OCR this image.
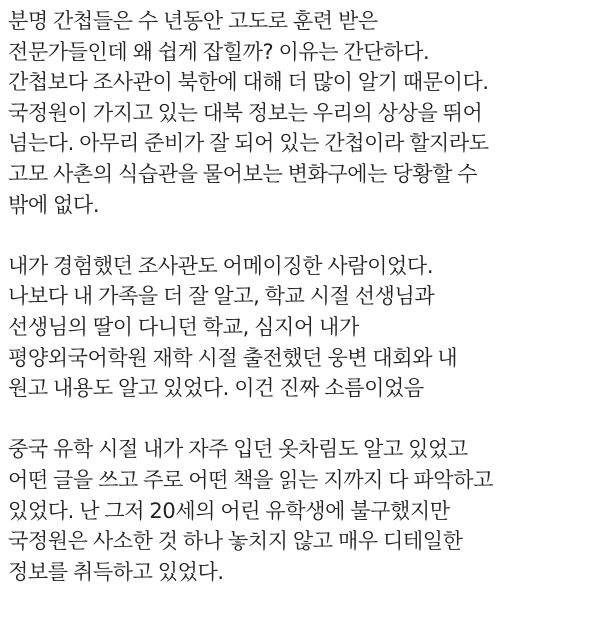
분명 간첩들은 수 년동안 고도로 훈련 받은
전문가들인데 왜 쉽게 잡힐까? 이유는 간단하다.
간첩보다 조사관이 북한에 대해 더 많이 알기 때문이다.
국정원이 가지고 있는 대북 정보는 우리의 상상을 뛰어
넘는다. 아무리 준비가 잘 되어 있는 간첩이라 할지라도
고모 사촌의 식습관을 물어보는 변화구에는 당황할 수
밖에 없다.
내가 경험했던 조사관도 어메이징한 사람이었다.
나보다 내 가족을 더 잘 알고, 학교 시절 선생님과
선생님의 딸이 다니던 학교, 심지어 내가
평양외국어학원 재학 시절 출전했던 웅변 대회와 내
원고 내용도 알고 있었다. 이건 진짜 소름이었음
중국 유학 시절 내가 자주 입던 옷차림도 알고 있었고
어떤 글을 쓰고 주로 어떤 책을 읽는 지까지 다 파악하고
있었다. 난 그저 20세의 어린 유학생에 불구했지만
국정원은 사소한 것 하나 놓치지 않고 매우 디테일한
정보를 취득하고 있었다.
